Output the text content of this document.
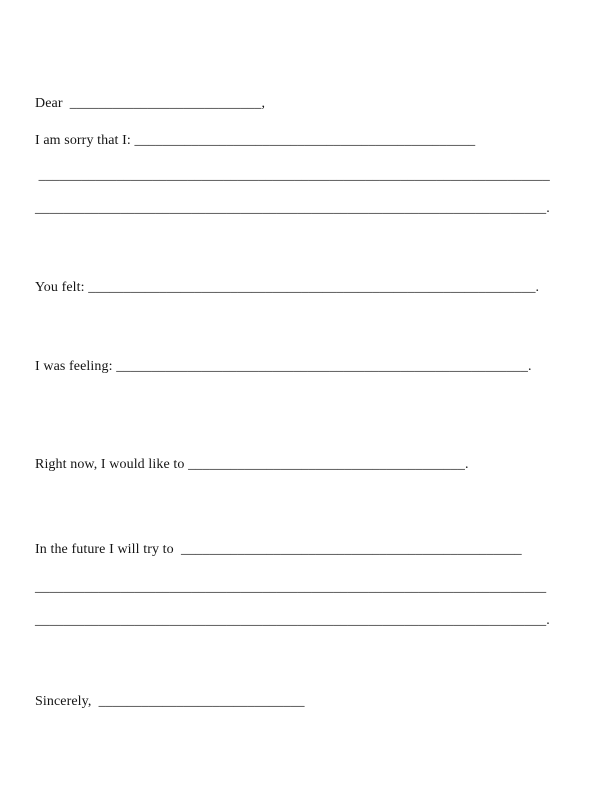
Dear  ___________________________,

I am sorry that I: ________________________________________________

________________________________________________________________________

________________________________________________________________________.

You felt: _______________________________________________________________.

I was feeling: __________________________________________________________.

Right now, I would like to _______________________________________.

In the future I will try to  ________________________________________________

________________________________________________________________________

________________________________________________________________________.

Sincerely,  _____________________________
